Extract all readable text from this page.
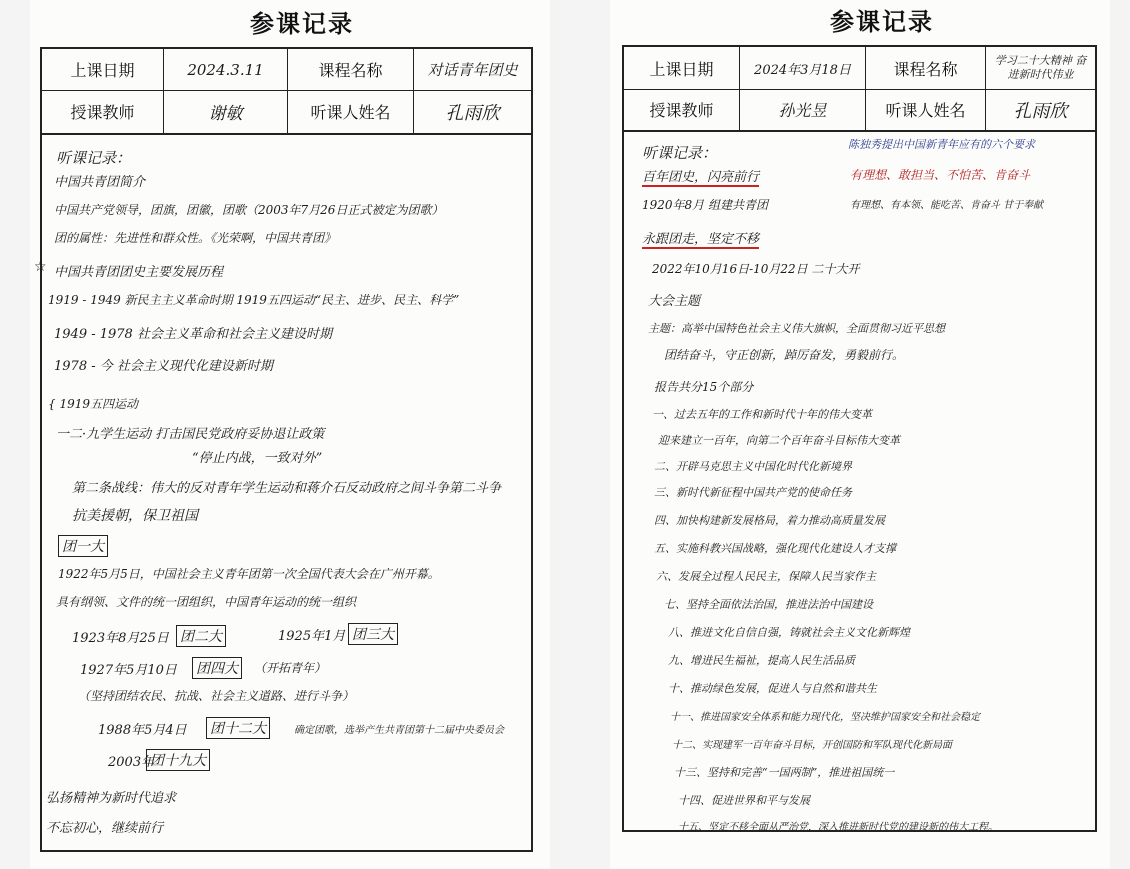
参课记录
上课日期	2024.3.11	课程名称	对话青年团史
授课教师	谢敏	听课人姓名	孔雨欣
听课记录：
中国共青团简介
中国共产党领导，团旗，团徽，团歌（2003年7月26日正式被定为团歌）
团的属性：先进性和群众性。《光荣啊，中国共青团》
☆ 中国共青团团史主要发展历程
1919 - 1949 新民主主义革命时期 1919五四运动“民主、进步、民主、科学”
1949 - 1978 社会主义革命和社会主义建设时期
1978 - 今 社会主义现代化建设新时期
{ 1919五四运动
一二·九学生运动 打击国民党政府妥协退让政策
“停止内战，一致对外”
第二条战线：伟大的反对青年学生运动和蒋介石反动政府之间斗争第二斗争
抗美援朝，保卫祖国
团一大
1922年5月5日，中国社会主义青年团第一次全国代表大会在广州开幕。
具有纲领、文件的统一团组织，中国青年运动的统一组织
1925年1月 团三大
1923年8月25日 团二大
1927年5月10日 团四大	（开拓青年）
（坚持团结农民、抗战、社会主义道路、进行斗争）
1988年5月4日 团十二大	确定团歌，选举产生共青团第十二届中央委员会
2003年
团十九大
弘扬精神为新时代追求
不忘初心，继续前行
参课记录
上课日期	2024年3月18日	课程名称	学习二十大精神 奋进新时代伟业
授课教师	孙光昱	听课人姓名	孔雨欣
听课记录：	陈独秀提出中国新青年应有的六个要求
百年团史，闪亮前行	有理想、敢担当、不怕苦、肯奋斗
1920年8月 组建共青团	有理想、有本领、能吃苦、肯奋斗 甘于奉献
永跟团走，坚定不移
2022年10月16日-10月22日 二十大开
大会主题
主题：高举中国特色社会主义伟大旗帜，全面贯彻习近平思想
团结奋斗，守正创新，踔厉奋发，勇毅前行。
报告共分15个部分
一、过去五年的工作和新时代十年的伟大变革
迎来建立一百年，向第二个百年奋斗目标伟大变革
二、开辟马克思主义中国化时代化新境界
三、新时代新征程中国共产党的使命任务
四、加快构建新发展格局，着力推动高质量发展
五、实施科教兴国战略，强化现代化建设人才支撑
六、发展全过程人民民主，保障人民当家作主
七、坚持全面依法治国，推进法治中国建设
八、推进文化自信自强，铸就社会主义文化新辉煌
九、增进民生福祉，提高人民生活品质
十、推动绿色发展，促进人与自然和谐共生
十一、推进国家安全体系和能力现代化，坚决维护国家安全和社会稳定
十二、实现建军一百年奋斗目标，开创国防和军队现代化新局面
十三、坚持和完善“一国两制”，推进祖国统一
十四、促进世界和平与发展
十五、坚定不移全面从严治党，深入推进新时代党的建设新的伟大工程。
